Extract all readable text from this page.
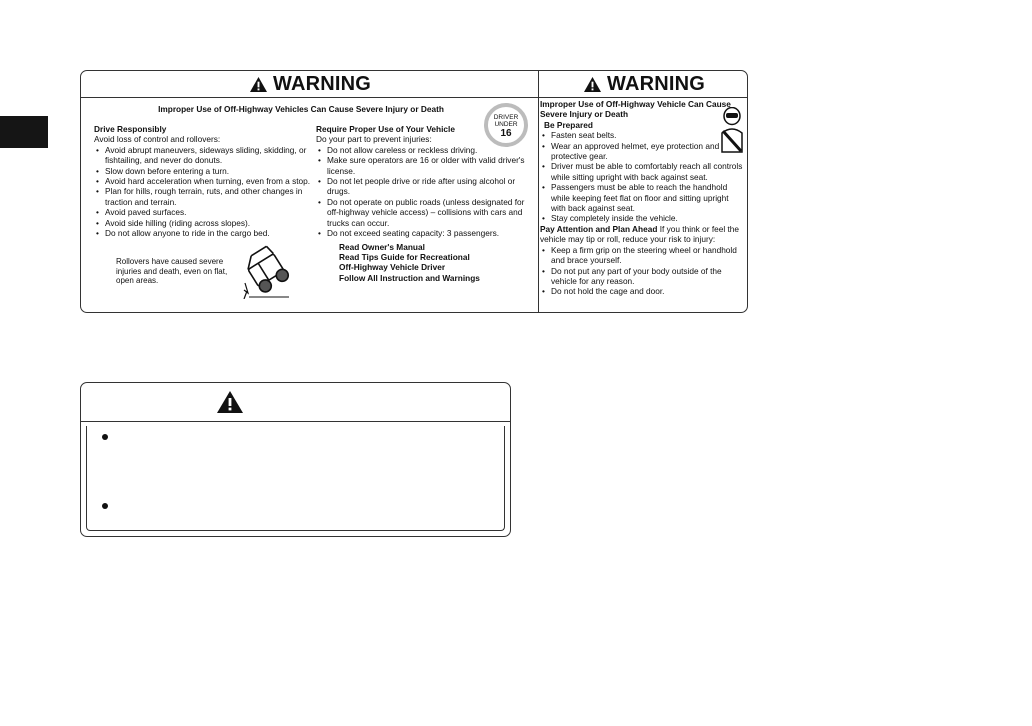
WARNING	WARNING
Improper Use of Off-Highway Vehicles Can Cause Severe Injury or Death
DRIVER
UNDER
16
Drive Responsibly
Avoid loss of control and rollovers:
• Avoid abrupt maneuvers, sideways sliding, skidding, or fishtailing, and never do donuts.
• Slow down before entering a turn.
• Avoid hard acceleration when turning, even from a stop.
• Plan for hills, rough terrain, ruts, and other changes in traction and terrain.
• Avoid paved surfaces.
• Avoid side hilling (riding across slopes).
• Do not allow anyone to ride in the cargo bed.
Require Proper Use of Your Vehicle
Do your part to prevent injuries:
• Do not allow careless or reckless driving.
• Make sure operators are 16 or older with valid driver's license.
• Do not let people drive or ride after using alcohol or drugs.
• Do not operate on public roads (unless designated for off-highway vehicle access) – collisions with cars and trucks can occur.
• Do not exceed seating capacity: 3 passengers.
Rollovers have caused severe injuries and death, even on flat, open areas.
Read Owner's Manual
Read Tips Guide for Recreational
Off-Highway Vehicle Driver
Follow All Instruction and Warnings
Improper Use of Off-Highway Vehicle Can Cause Severe Injury or Death
Be Prepared
• Fasten seat belts.
• Wear an approved helmet, eye protection and protective gear.
• Driver must be able to comfortably reach all controls while sitting upright with back against seat.
• Passengers must be able to reach the handhold while keeping feet flat on floor and sitting upright with back against seat.
• Stay completely inside the vehicle.
Pay Attention and Plan Ahead If you think or feel the vehicle may tip or roll, reduce your risk to injury:
• Keep a firm grip on the steering wheel or handhold and brace yourself.
• Do not put any part of your body outside of the vehicle for any reason.
• Do not hold the cage and door.
